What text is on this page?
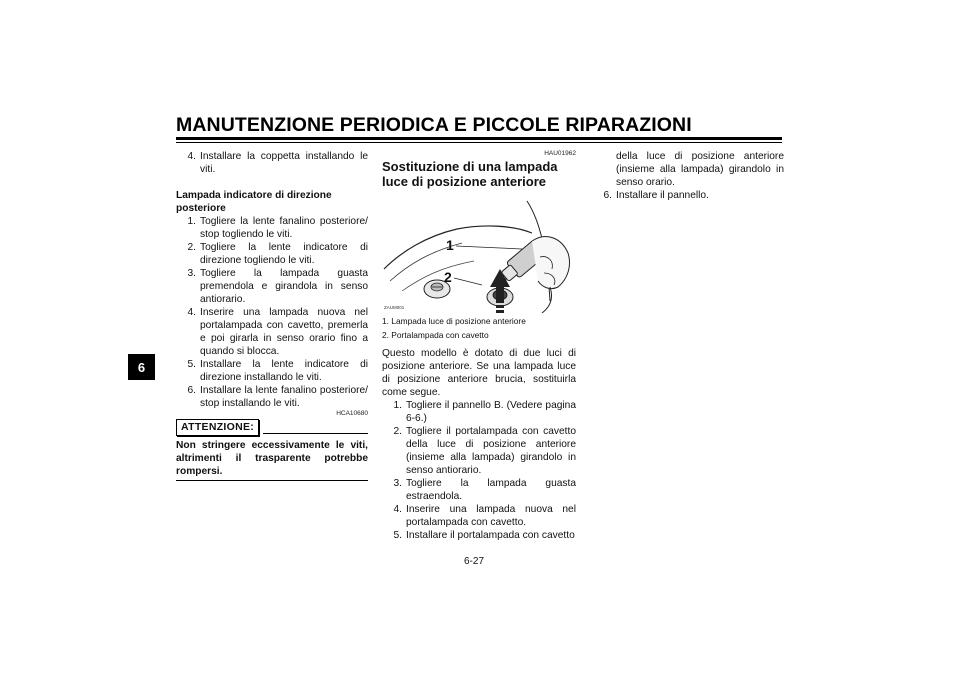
MANUTENZIONE PERIODICA E PICCOLE RIPARAZIONI
6
4. Installare la coppetta installando le viti.

Lampada indicatore di direzione posteriore

1. Togliere la lente fanalino posteriore/ stop togliendo le viti.
2. Togliere la lente indicatore di direzione togliendo le viti.
3. Togliere la lampada guasta premendola e girandola in senso antiorario.
4. Inserire una lampada nuova nel portalampada con cavetto, premerla e poi girarla in senso orario fino a quando si blocca.
5. Installare la lente indicatore di direzione installando le viti.
6. Installare la lente fanalino posteriore/ stop installando le viti.
HCA10680
ATTENZIONE:

Non stringere eccessivamente le viti, altrimenti il trasparente potrebbe rompersi.

HAU01962

Sostituzione di una lampada luce di posizione anteriore

1
2
ZAUM001

1. Lampada luce di posizione anteriore

2. Portalampada con cavetto

Questo modello è dotato di due luci di posizione anteriore. Se una lampada luce di posizione anteriore brucia, sostituirla come segue.

1. Togliere il pannello B. (Vedere pagina 6-6.)
2. Togliere il portalampada con cavetto della luce di posizione anteriore (insieme alla lampada) girandolo in senso antiorario.
3. Togliere la lampada guasta estraendola.
4. Inserire una lampada nuova nel portalampada con cavetto.
5. Installare il portalampada con cavetto
della luce di posizione anteriore (insieme alla lampada) girandolo in senso orario.
6. Installare il pannello.
6-27
